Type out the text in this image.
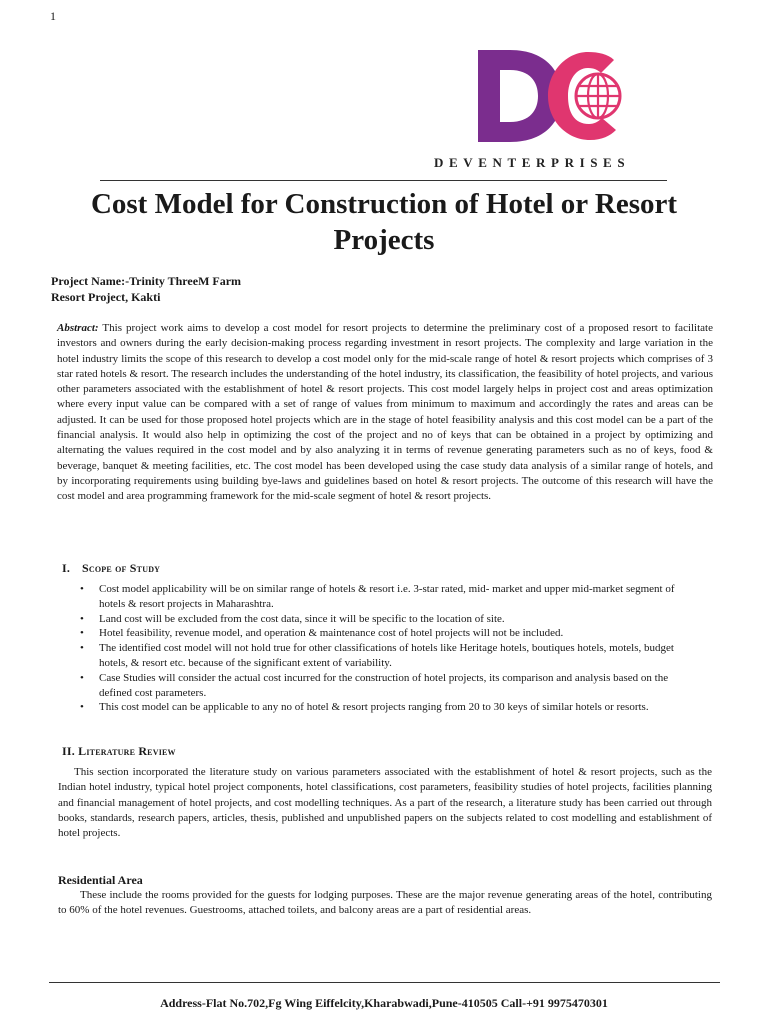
1
DEVENTERPRISES
Cost Model for Construction of Hotel or Resort Projects
Project Name:-Trinity ThreeM Farm
Resort Project, Kakti

Abstract: This project work aims to develop a cost model for resort projects to determine the preliminary cost of a proposed resort to facilitate investors and owners during the early decision-making process regarding investment in resort projects. The complexity and large variation in the hotel industry limits the scope of this research to develop a cost model only for the mid-scale range of hotel & resort projects which comprises of 3 star rated hotels & resort. The research includes the understanding of the hotel industry, its classification, the feasibility of hotel projects, and various other parameters associated with the establishment of hotel & resort projects. This cost model largely helps in project cost and areas optimization where every input value can be compared with a set of range of values from minimum to maximum and accordingly the rates and areas can be adjusted. It can be used for those proposed hotel projects which are in the stage of hotel feasibility analysis and this cost model can be a part of the financial analysis. It would also help in optimizing the cost of the project and no of keys that can be obtained in a project by optimizing and alternating the values required in the cost model and by also analyzing it in terms of revenue generating parameters such as no of keys, food & beverage, banquet & meeting facilities, etc. The cost model has been developed using the case study data analysis of a similar range of hotels, and by incorporating requirements using building bye-laws and guidelines based on hotel & resort projects. The outcome of this research will have the cost model and area programming framework for the mid-scale segment of hotel & resort projects.

I. Scope of Study
• Cost model applicability will be on similar range of hotels & resort i.e. 3-star rated, mid- market and upper mid-market segment of hotels & resort projects in Maharashtra.
• Land cost will be excluded from the cost data, since it will be specific to the location of site.
• Hotel feasibility, revenue model, and operation & maintenance cost of hotel projects will not be included.
• The identified cost model will not hold true for other classifications of hotels like Heritage hotels, boutiques hotels, motels, budget hotels, & resort etc. because of the significant extent of variability.
• Case Studies will consider the actual cost incurred for the construction of hotel projects, its comparison and analysis based on the defined cost parameters.
• This cost model can be applicable to any no of hotel & resort projects ranging from 20 to 30 keys of similar hotels or resorts.
II. Literature Review

This section incorporated the literature study on various parameters associated with the establishment of hotel & resort projects, such as the Indian hotel industry, typical hotel project components, hotel classifications, cost parameters, feasibility studies of hotel projects, facilities planning and financial management of hotel projects, and cost modelling techniques. As a part of the research, a literature study has been carried out through books, standards, research papers, articles, thesis, published and unpublished papers on the subjects related to cost modelling and establishment of hotel projects.

Residential Area

These include the rooms provided for the guests for lodging purposes. These are the major revenue generating areas of the hotel, contributing to 60% of the hotel revenues. Guestrooms, attached toilets, and balcony areas are a part of residential areas.

Address-Flat No.702,Fg Wing Eiffelcity,Kharabwadi,Pune-410505 Call-+91 9975470301
